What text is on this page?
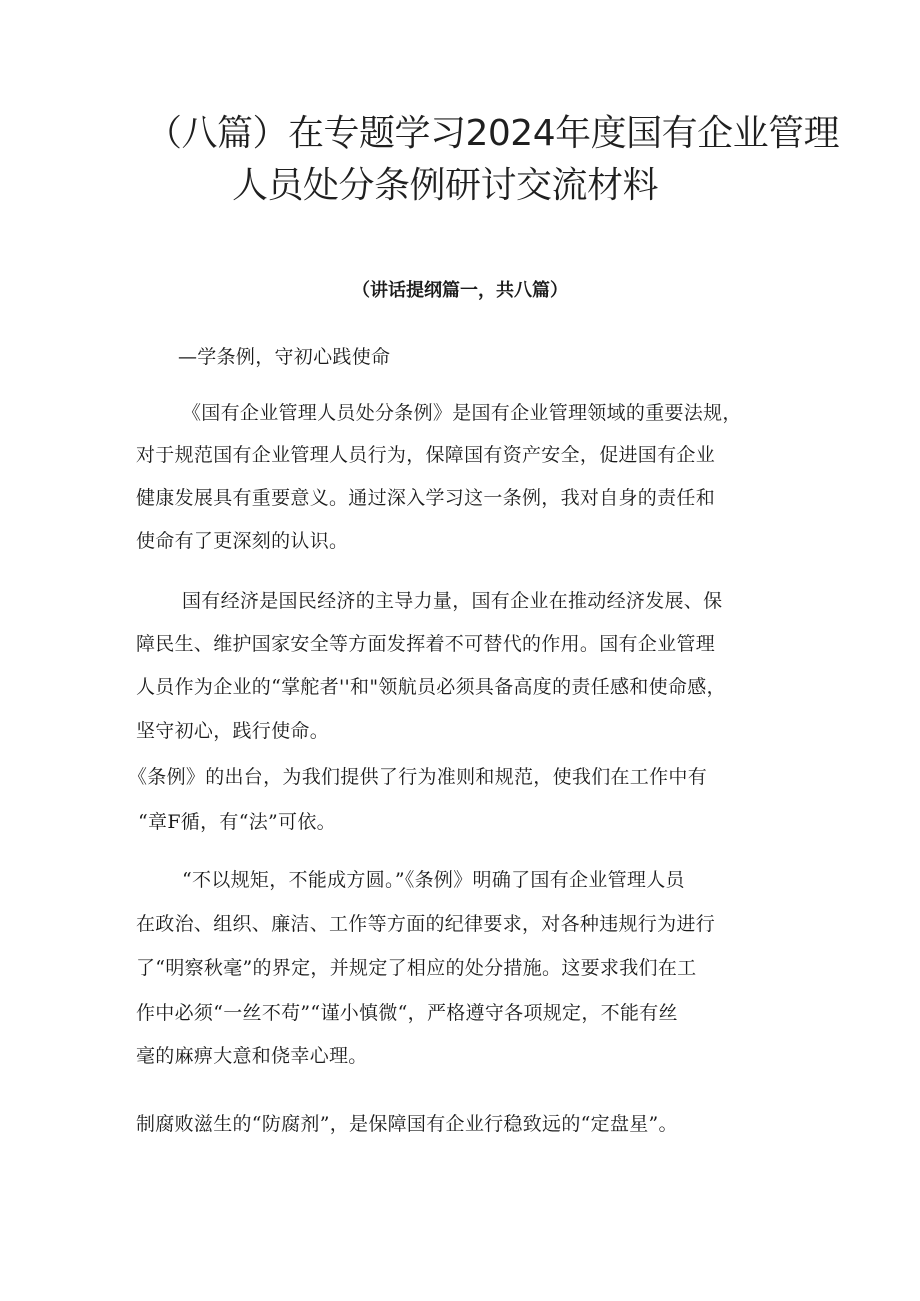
（八篇）在专题学习2024年度国有企业管理
人员处分条例研讨交流材料
（讲话提纲篇一，共八篇）
—学条例，守初心践使命
《国有企业管理人员处分条例》是国有企业管理领域的重要法规，
对于规范国有企业管理人员行为，保障国有资产安全，促进国有企业
健康发展具有重要意义。通过深入学习这一条例，我对自身的责任和
使命有了更深刻的认识。
国有经济是国民经济的主导力量，国有企业在推动经济发展、保
障民生、维护国家安全等方面发挥着不可替代的作用。国有企业管理
人员作为企业的“掌舵者''和"领航员必须具备高度的责任感和使命感，
坚守初心，践行使命。
《条例》的出台，为我们提供了行为准则和规范，使我们在工作中有
“章F循，有“法”可依。
“不以规矩，不能成方圆。”《条例》明确了国有企业管理人员
在政治、组织、廉洁、工作等方面的纪律要求，对各种违规行为进行
了“明察秋毫”的界定，并规定了相应的处分措施。这要求我们在工
作中必须“一丝不苟”“谨小慎微“，严格遵守各项规定，不能有丝
毫的麻痹大意和侥幸心理。
制腐败滋生的“防腐剂”，是保障国有企业行稳致远的“定盘星”。
